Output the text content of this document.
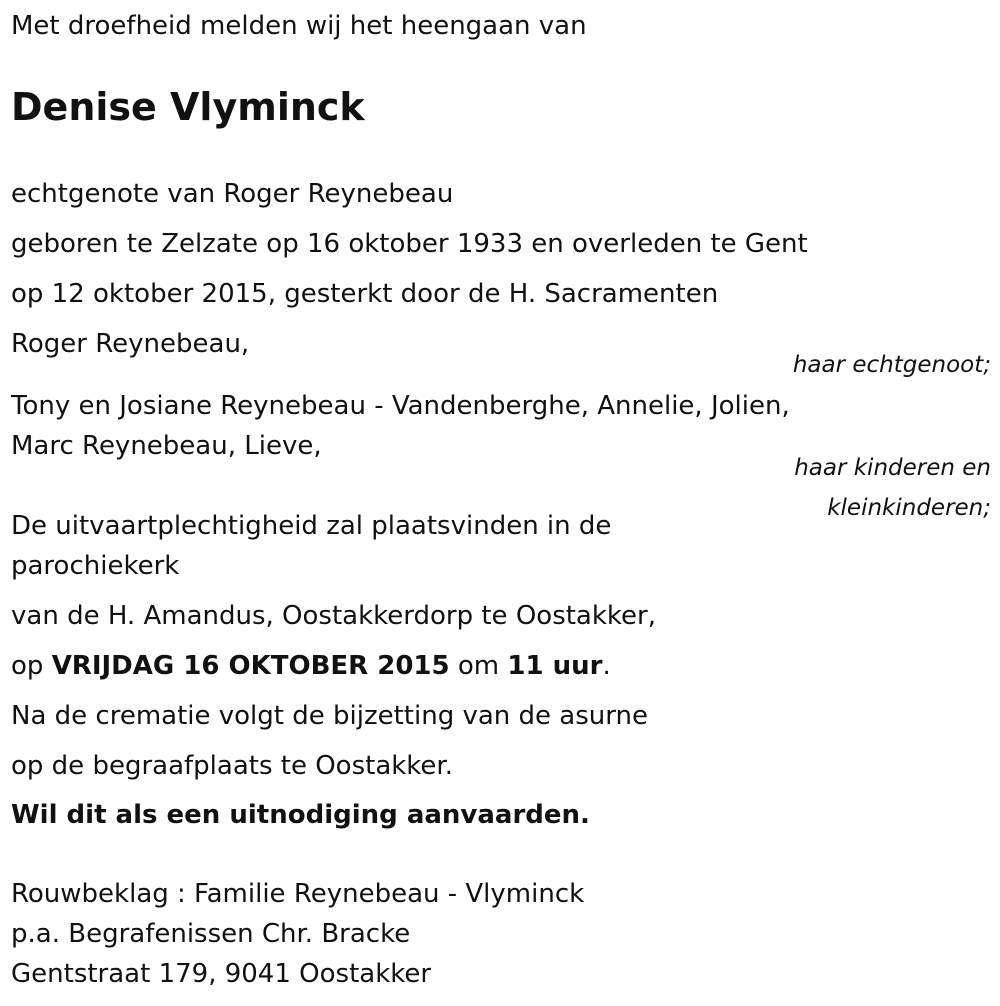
Met droefheid melden wij het heengaan van
Denise Vlyminck
echtgenote van Roger Reynebeau
geboren te Zelzate op 16 oktober 1933 en overleden te Gent
op 12 oktober 2015, gesterkt door de H. Sacramenten
Roger Reynebeau,
haar echtgenoot;
Tony en Josiane Reynebeau - Vandenberghe, Annelie, Jolien,
Marc Reynebeau, Lieve,
haar kinderen en
kleinkinderen;
De uitvaartplechtigheid zal plaatsvinden in de
parochiekerk
van de H. Amandus, Oostakkerdorp te Oostakker,
op VRIJDAG 16 OKTOBER 2015 om 11 uur.
Na de crematie volgt de bijzetting van de asurne
op de begraafplaats te Oostakker.
Wil dit als een uitnodiging aanvaarden.
Rouwbeklag : Familie Reynebeau - Vlyminck
p.a. Begrafenissen Chr. Bracke
Gentstraat 179, 9041 Oostakker
